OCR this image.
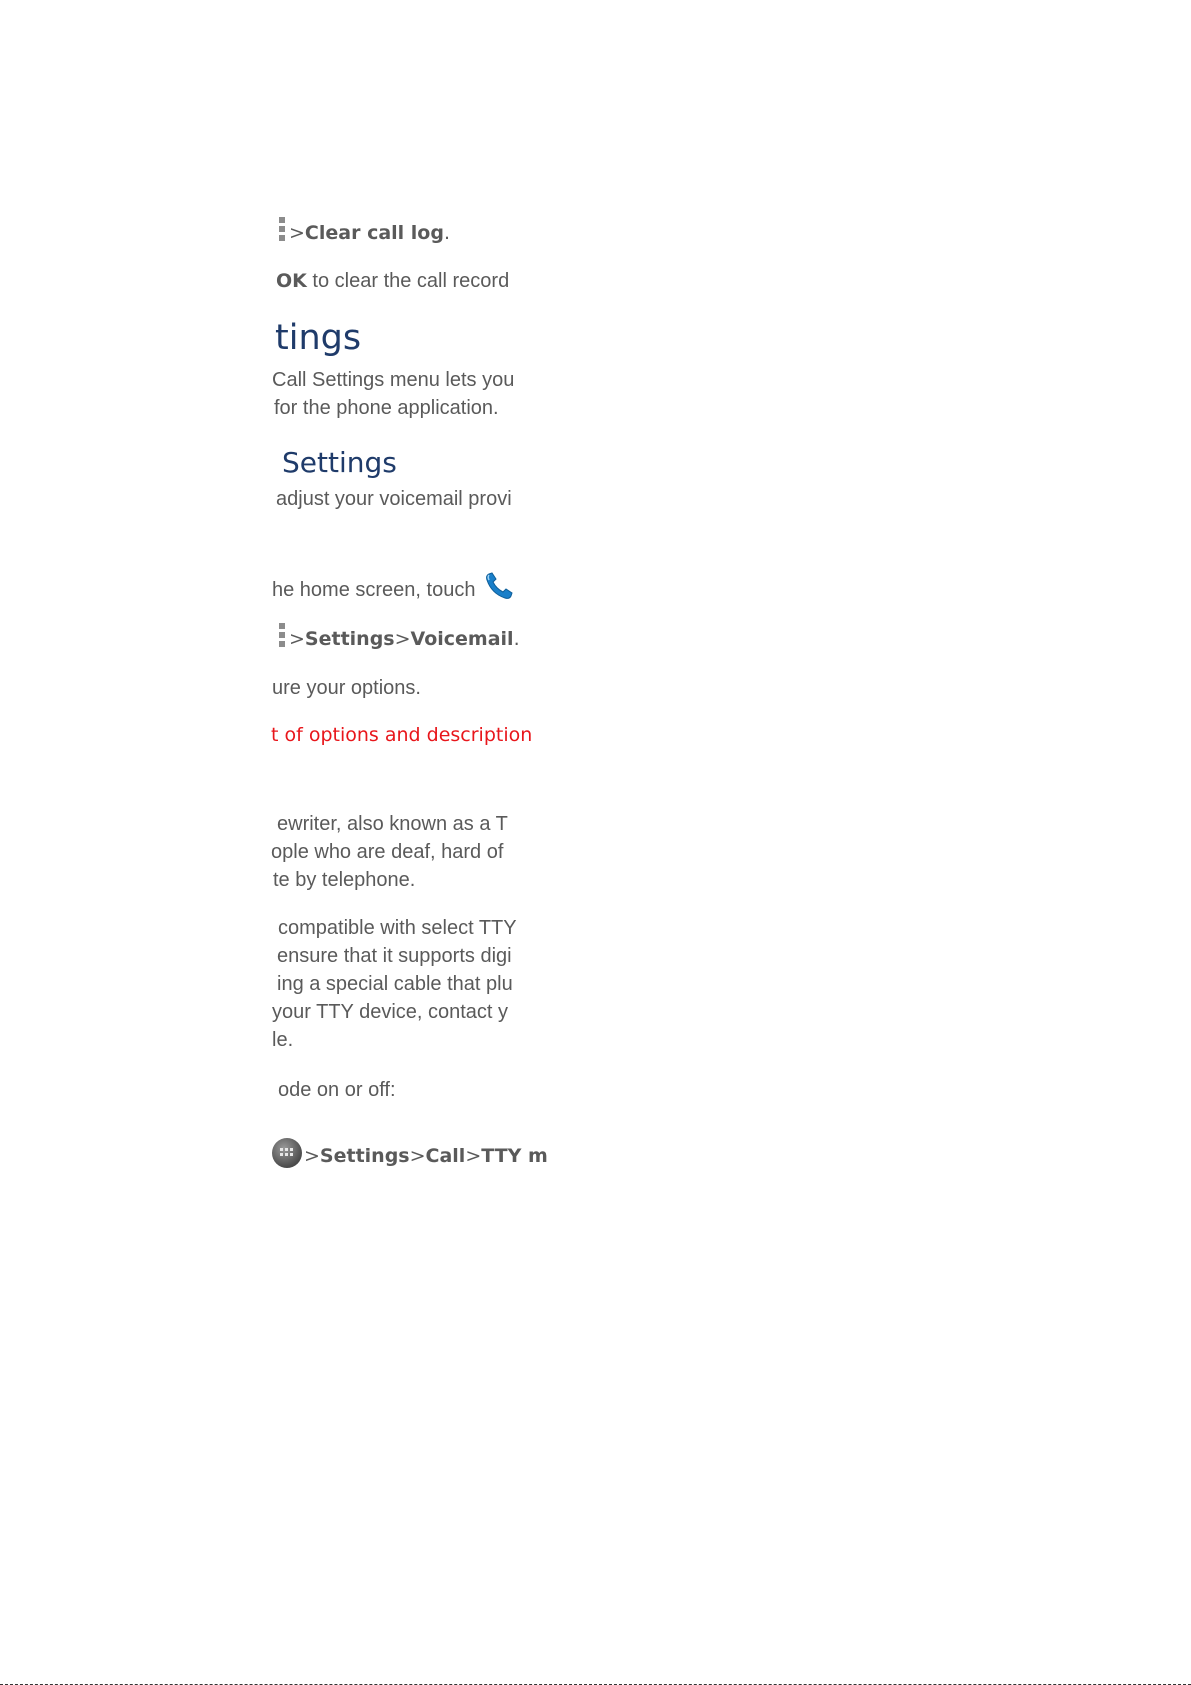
>Clear call log.
OK to clear the call record
tings
Call Settings menu lets you
for the phone application.
Settings
adjust your voicemail provi
he home screen, touch
>Settings>Voicemail.
ure your options.
t of options and description
ewriter, also known as a T
ople who are deaf, hard of
te by telephone.
compatible with select TTY
ensure that it supports digi
ing a special cable that plu
your TTY device, contact y
le.
ode on or off:
>Settings>Call>TTY m
